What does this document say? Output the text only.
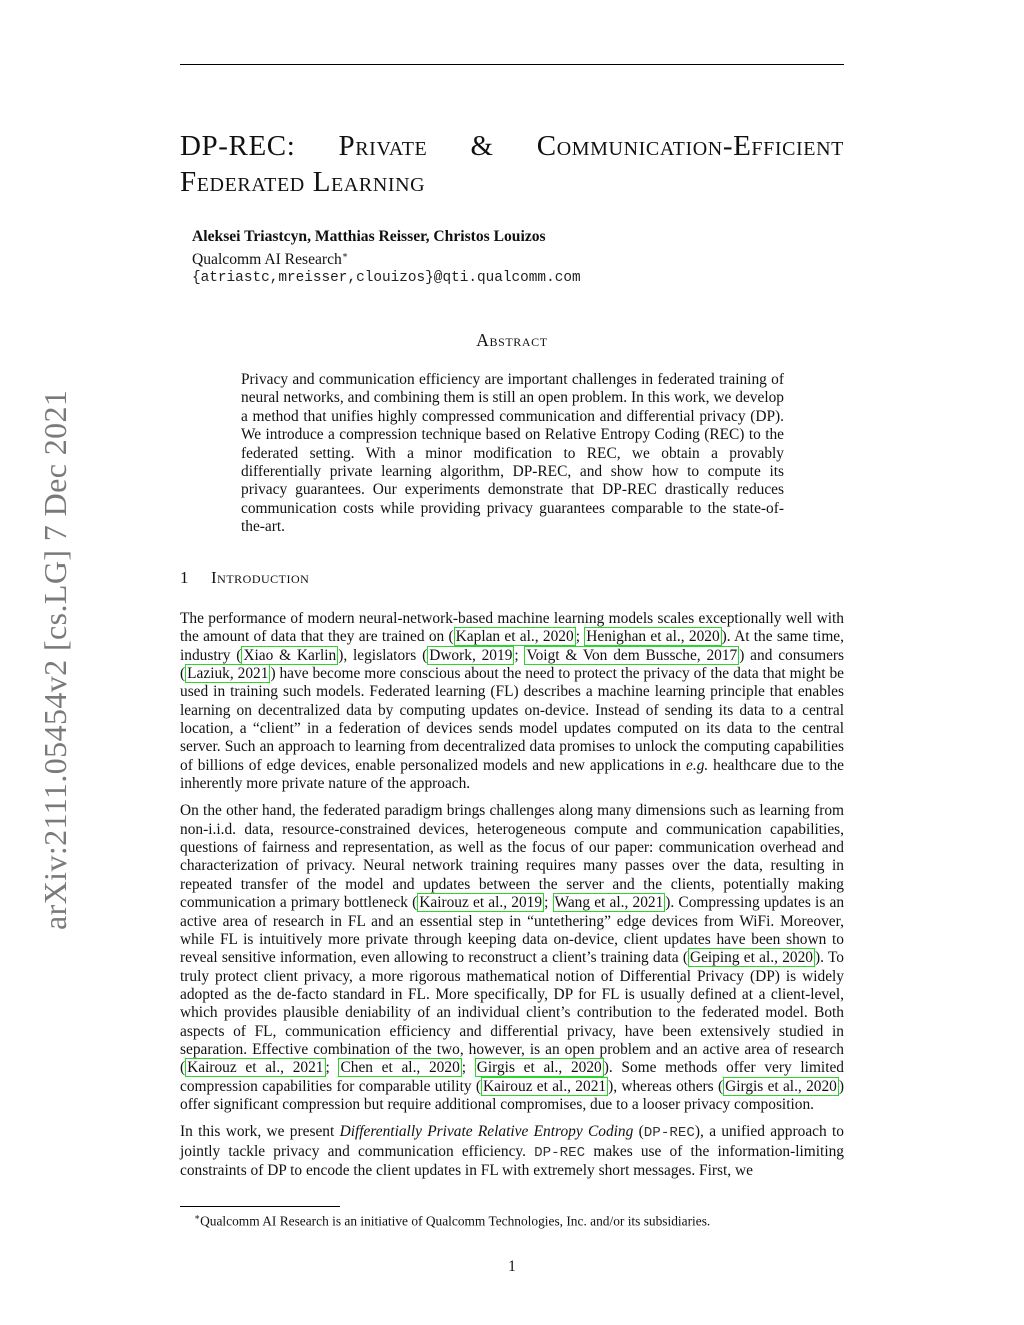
arXiv:2111.05454v2 [cs.LG] 7 Dec 2021
DP-REC: Private & Communication-Efficient
Federated Learning
Aleksei Triastcyn, Matthias Reisser, Christos Louizos
Qualcomm AI Research∗
{atriastc,mreisser,clouizos}@qti.qualcomm.com
Abstract
Privacy and communication efficiency are important challenges in federated training of neural networks, and combining them is still an open problem. In this work, we develop a method that unifies highly compressed communication and differential privacy (DP). We introduce a compression technique based on Relative Entropy Coding (REC) to the federated setting. With a minor modification to REC, we obtain a provably differentially private learning algorithm, DP-REC, and show how to compute its privacy guarantees. Our experiments demonstrate that DP-REC drastically reduces communication costs while providing privacy guarantees comparable to the state-of-the-art.
1 Introduction

The performance of modern neural-network-based machine learning models scales exceptionally well with the amount of data that they are trained on ( Kaplan et al., 2020 ; Henighan et al., 2020 ). At the same time, industry ( Xiao & Karlin ), legislators ( Dwork, 2019 ; Voigt & Von dem Bussche, 2017 ) and consumers ( Laziuk, 2021 ) have become more conscious about the need to protect the privacy of the data that might be used in training such models. Federated learning (FL) describes a machine learning principle that enables learning on decentralized data by computing updates on-device. Instead of sending its data to a central location, a “client” in a federation of devices sends model updates computed on its data to the central server. Such an approach to learning from decentralized data promises to unlock the computing capabilities of billions of edge devices, enable personalized models and new applications in e.g. healthcare due to the inherently more private nature of the approach.

On the other hand, the federated paradigm brings challenges along many dimensions such as learning from non-i.i.d. data, resource-constrained devices, heterogeneous compute and communication capabilities, questions of fairness and representation, as well as the focus of our paper: communication overhead and characterization of privacy. Neural network training requires many passes over the data, resulting in repeated transfer of the model and updates between the server and the clients, potentially making communication a primary bottleneck ( Kairouz et al., 2019 ; Wang et al., 2021 ). Compressing updates is an active area of research in FL and an essential step in “untethering” edge devices from WiFi. Moreover, while FL is intuitively more private through keeping data on-device, client updates have been shown to reveal sensitive information, even allowing to reconstruct a client’s training data ( Geiping et al., 2020 ). To truly protect client privacy, a more rigorous mathematical notion of Differential Privacy (DP) is widely adopted as the de-facto standard in FL. More specifically, DP for FL is usually defined at a client-level, which provides plausible deniability of an individual client’s contribution to the federated model. Both aspects of FL, communication efficiency and differential privacy, have been extensively studied in separation. Effective combination of the two, however, is an open problem and an active area of research ( Kairouz et al., 2021 ; Chen et al., 2020 ; Girgis et al., 2020 ). Some methods offer very limited compression capabilities for comparable utility ( Kairouz et al., 2021 ), whereas others ( Girgis et al., 2020 ) offer significant compression but require additional compromises, due to a looser privacy composition.

In this work, we present Differentially Private Relative Entropy Coding (DP-REC), a unified approach to jointly tackle privacy and communication efficiency. DP-REC makes use of the information-limiting constraints of DP to encode the client updates in FL with extremely short messages. First, we

∗Qualcomm AI Research is an initiative of Qualcomm Technologies, Inc. and/or its subsidiaries.
1
